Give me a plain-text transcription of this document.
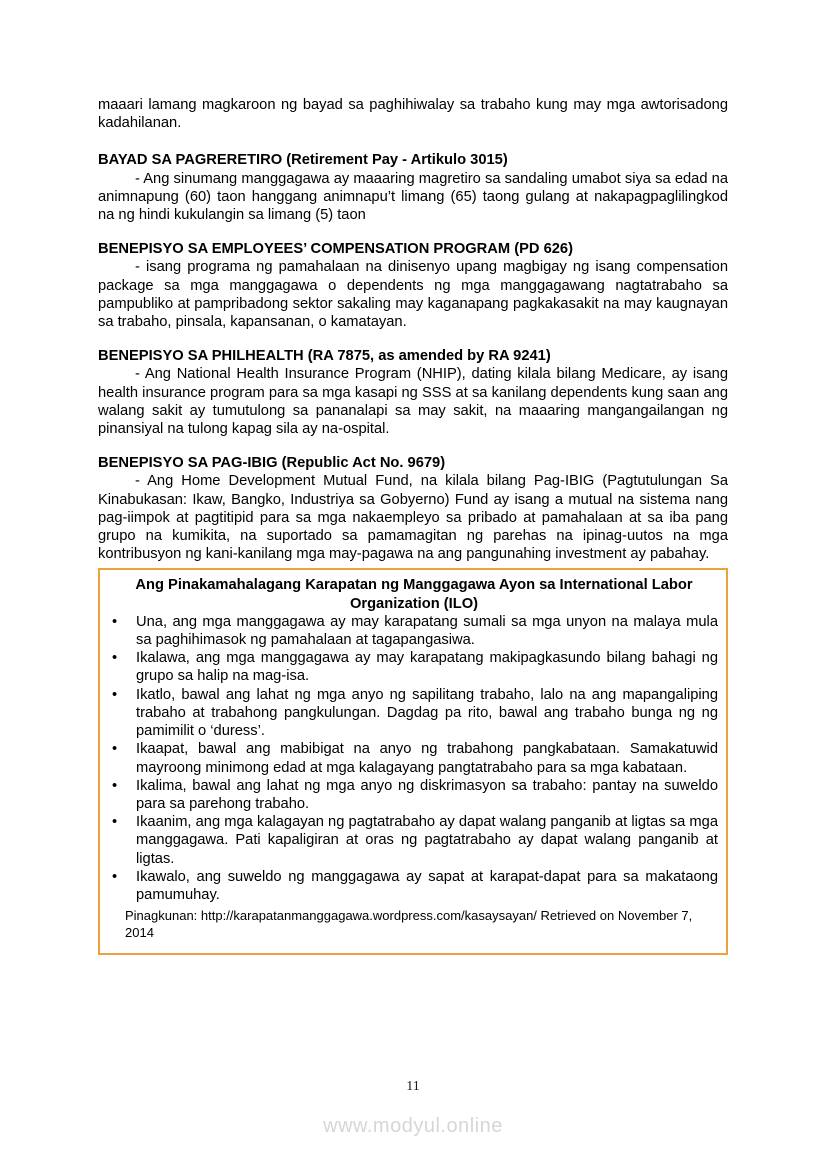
maaari lamang magkaroon ng bayad sa paghihiwalay sa trabaho kung may mga awtorisadong kadahilanan.

BAYAD SA PAGRERETIRO (Retirement Pay - Artikulo 3015)

- Ang sinumang manggagawa ay maaaring magretiro sa sandaling umabot siya sa edad na animnapung (60) taon hanggang animnapu’t limang (65) taong gulang at nakapagpaglilingkod na ng hindi kukulangin sa limang (5) taon

BENEPISYO SA EMPLOYEES’ COMPENSATION PROGRAM (PD 626)

- isang programa ng pamahalaan na dinisenyo upang magbigay ng isang compensation package sa mga manggagawa o dependents ng mga manggagawang nagtatrabaho sa pampubliko at pampribadong sektor sakaling may kaganapang pagkakasakit na may kaugnayan sa trabaho, pinsala, kapansanan, o kamatayan.

BENEPISYO SA PHILHEALTH (RA 7875, as amended by RA 9241)

- Ang National Health Insurance Program (NHIP), dating kilala bilang Medicare, ay isang health insurance program para sa mga kasapi ng SSS at sa kanilang dependents kung saan ang walang sakit ay tumutulong sa pananalapi sa may sakit, na maaaring mangangailangan ng pinansiyal na tulong kapag sila ay na-ospital.

BENEPISYO SA PAG-IBIG (Republic Act No. 9679)

- Ang Home Development Mutual Fund, na kilala bilang Pag-IBIG (Pagtutulungan Sa Kinabukasan: Ikaw, Bangko, Industriya sa Gobyerno) Fund ay isang a mutual na sistema nang pag-iimpok at pagtitipid para sa mga nakaempleyo sa pribado at pamahalaan at sa iba pang grupo na kumikita, na suportado sa pamamagitan ng parehas na ipinag-uutos na mga kontribusyon ng kani-kanilang mga may-pagawa na ang pangunahing investment ay pabahay.

Ang Pinakamahalagang Karapatan ng Manggagawa Ayon sa International Labor Organization (ILO)
• Una, ang mga manggagawa ay may karapatang sumali sa mga unyon na malaya mula sa paghihimasok ng pamahalaan at tagapangasiwa.
• Ikalawa, ang mga manggagawa ay may karapatang makipagkasundo bilang bahagi ng grupo sa halip na mag-isa.
• Ikatlo, bawal ang lahat ng mga anyo ng sapilitang trabaho, lalo na ang mapangaliping trabaho at trabahong pangkulungan. Dagdag pa rito, bawal ang trabaho bunga ng ng pamimilit o ‘duress’.
• Ikaapat, bawal ang mabibigat na anyo ng trabahong pangkabataan. Samakatuwid mayroong minimong edad at mga kalagayang pangtatrabaho para sa mga kabataan.
• Ikalima, bawal ang lahat ng mga anyo ng diskrimasyon sa trabaho: pantay na suweldo para sa parehong trabaho.
• Ikaanim, ang mga kalagayan ng pagtatrabaho ay dapat walang panganib at ligtas sa mga manggagawa. Pati kapaligiran at oras ng pagtatrabaho ay dapat walang panganib at ligtas.
• Ikawalo, ang suweldo ng manggagawa ay sapat at karapat-dapat para sa makataong pamumuhay.
Pinagkunan: http://karapatanmanggagawa.wordpress.com/kasaysayan/ Retrieved on November 7, 2014
11
www.modyul.online
